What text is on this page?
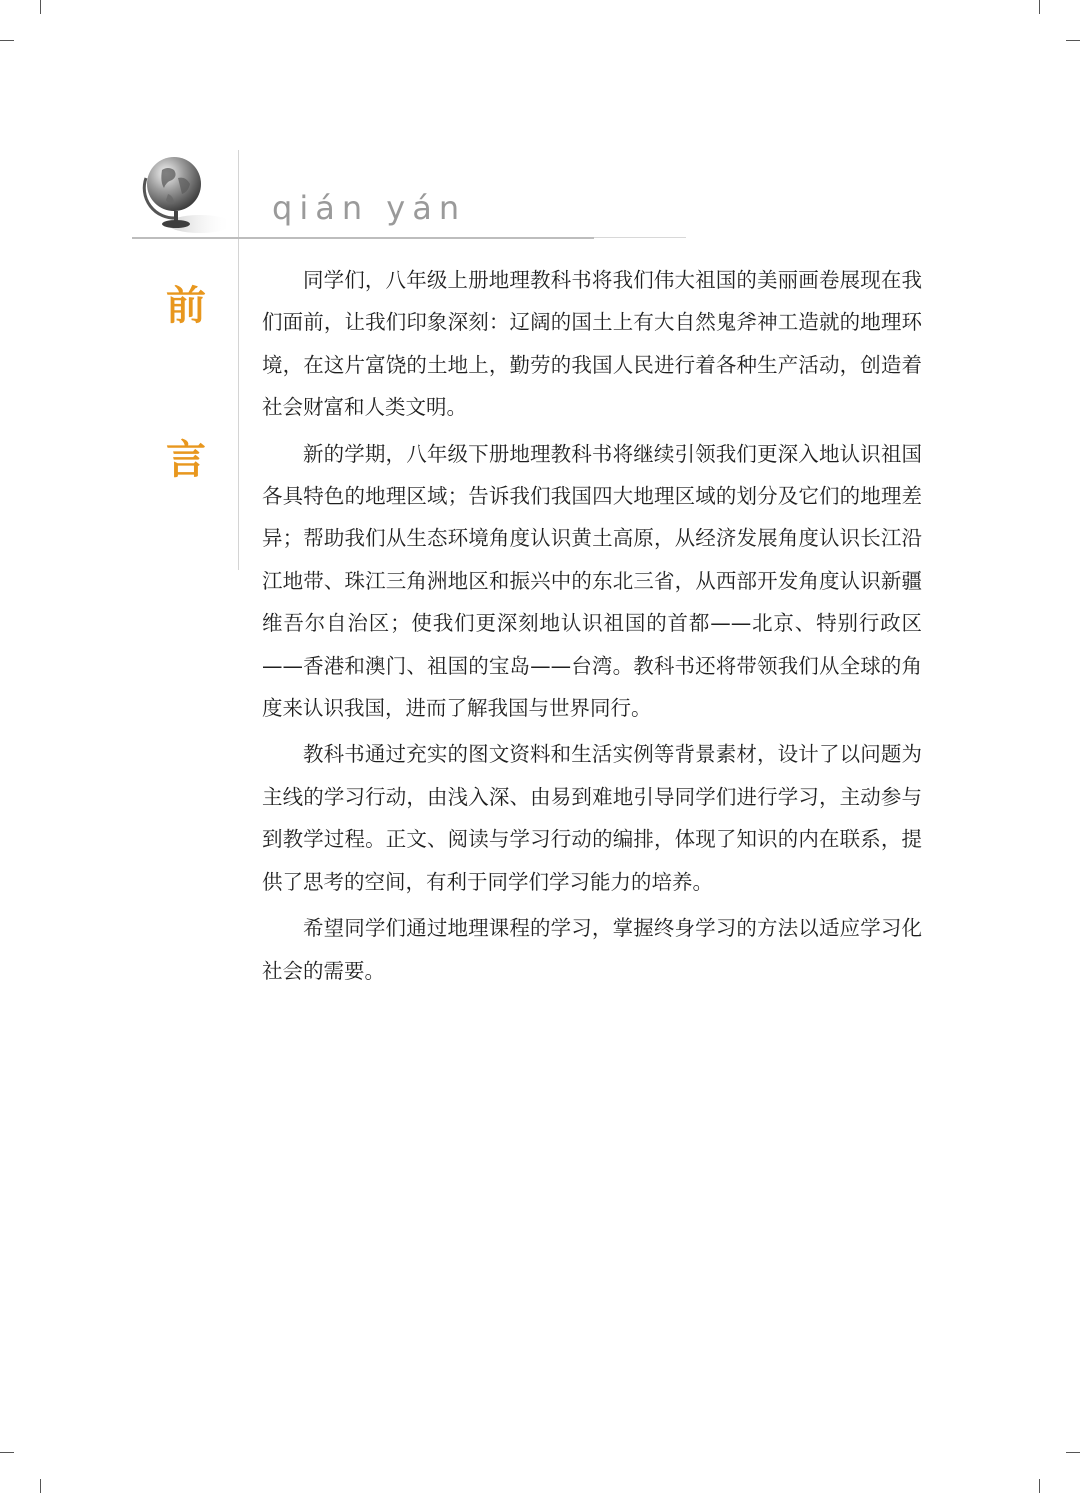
qián yán
前
言

同学们，八年级上册地理教科书将我们伟大祖国的美丽画卷展现在我们面前，让我们印象深刻：辽阔的国土上有大自然鬼斧神工造就的地理环境，在这片富饶的土地上，勤劳的我国人民进行着各种生产活动，创造着社会财富和人类文明。

新的学期，八年级下册地理教科书将继续引领我们更深入地认识祖国各具特色的地理区域；告诉我们我国四大地理区域的划分及它们的地理差异；帮助我们从生态环境角度认识黄土高原，从经济发展角度认识长江沿江地带、珠江三角洲地区和振兴中的东北三省，从西部开发角度认识新疆维吾尔自治区；使我们更深刻地认识祖国的首都——北京、特别行政区——香港和澳门、祖国的宝岛——台湾。教科书还将带领我们从全球的角度来认识我国，进而了解我国与世界同行。

教科书通过充实的图文资料和生活实例等背景素材，设计了以问题为主线的学习行动，由浅入深、由易到难地引导同学们进行学习，主动参与到教学过程。正文、阅读与学习行动的编排，体现了知识的内在联系，提供了思考的空间，有利于同学们学习能力的培养。

希望同学们通过地理课程的学习，掌握终身学习的方法以适应学习化社会的需要。
